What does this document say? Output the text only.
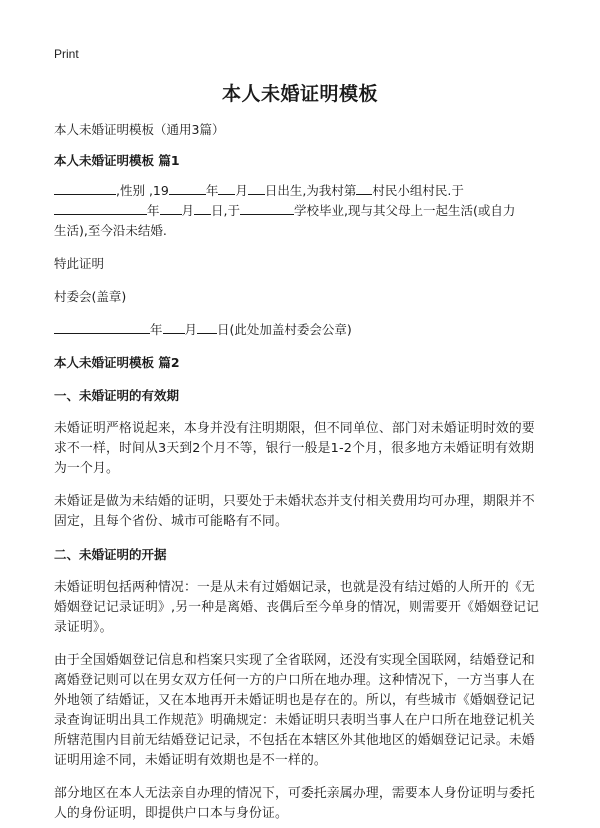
Print
本人未婚证明模板
本人未婚证明模板（通用3篇）

本人未婚证明模板 篇1

,性别 ,19	年 月 日出生,为我村第 村民小组村民.于

年 月 日,于	学校毕业,现与其父母上一起生活(或自力

生活),至今沿未结婚.

特此证明

村委会(盖章)

年 月 日(此处加盖村委会公章)

本人未婚证明模板 篇2

一、未婚证明的有效期

未婚证明严格说起来，本身并没有注明期限，但不同单位、部门对未婚证明时效的要求不一样，时间从3天到2个月不等，银行一般是1-2个月，很多地方未婚证明有效期为一个月。

未婚证是做为未结婚的证明，只要处于未婚状态并支付相关费用均可办理，期限并不固定，且每个省份、城市可能略有不同。

二、未婚证明的开据

未婚证明包括两种情况：一是从未有过婚姻记录，也就是没有结过婚的人所开的《无婚姻登记记录证明》,另一种是离婚、丧偶后至今单身的情况，则需要开《婚姻登记记录证明》。

由于全国婚姻登记信息和档案只实现了全省联网，还没有实现全国联网，结婚登记和离婚登记则可以在男女双方任何一方的户口所在地办理。这种情况下，一方当事人在外地领了结婚证，又在本地再开未婚证明也是存在的。所以，有些城市《婚姻登记记录查询证明出具工作规范》明确规定：未婚证明只表明当事人在户口所在地登记机关所辖范围内目前无结婚登记记录，不包括在本辖区外其他地区的婚姻登记记录。未婚证明用途不同，未婚证明有效期也是不一样的。

部分地区在本人无法亲自办理的情况下，可委托亲属办理，需要本人身份证明与委托人的身份证明，即提供户口本与身份证。
